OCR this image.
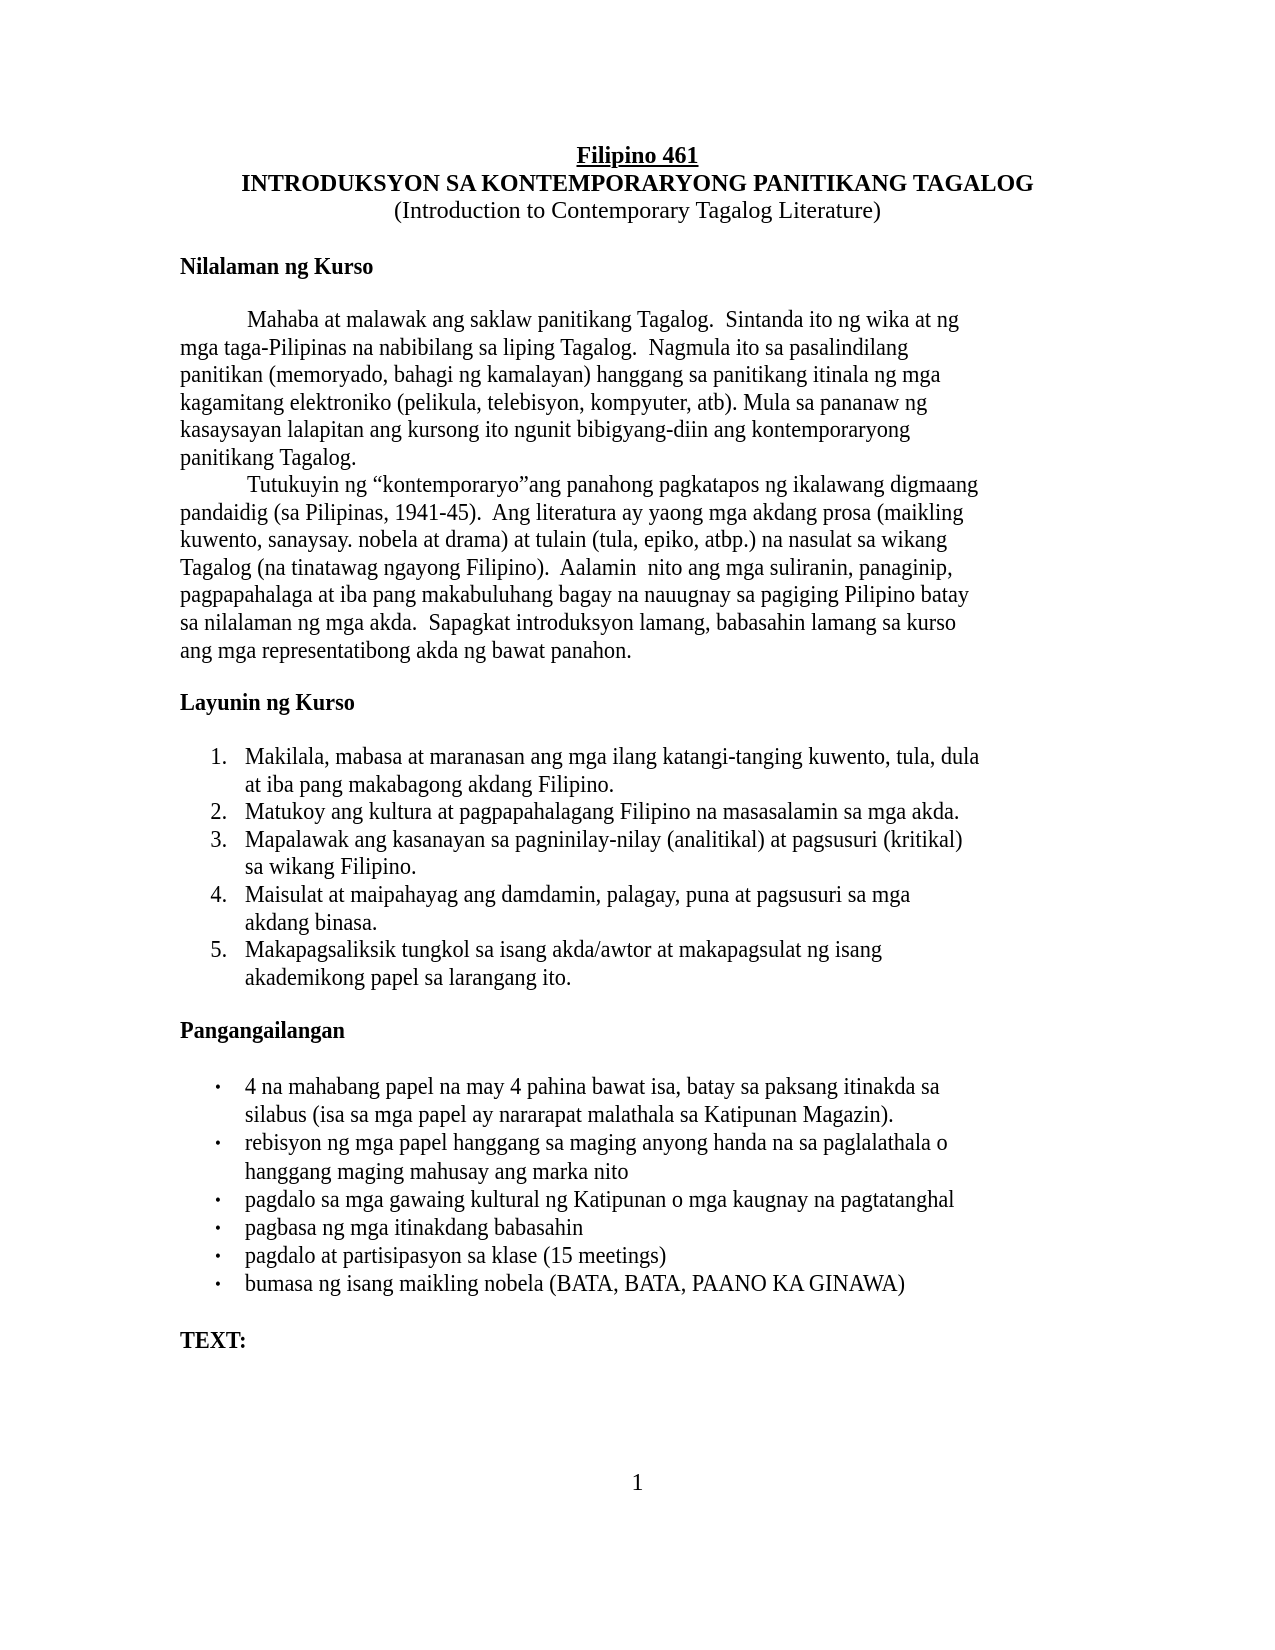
Filipino 461
INTRODUKSYON SA KONTEMPORARYONG PANITIKANG TAGALOG
(Introduction to Contemporary Tagalog Literature)
Nilalaman ng Kurso
Mahaba at malawak ang saklaw panitikang Tagalog.  Sintanda ito ng wika at ng
mga taga-Pilipinas na nabibilang sa liping Tagalog.  Nagmula ito sa pasalindilang
panitikan (memoryado, bahagi ng kamalayan) hanggang sa panitikang itinala ng mga
kagamitang elektroniko (pelikula, telebisyon, kompyuter, atb). Mula sa pananaw ng
kasaysayan lalapitan ang kursong ito ngunit bibigyang-diin ang kontemporaryong
panitikang Tagalog.
Tutukuyin ng “kontemporaryo”ang panahong pagkatapos ng ikalawang digmaang
pandaidig (sa Pilipinas, 1941-45).  Ang literatura ay yaong mga akdang prosa (maikling
kuwento, sanaysay. nobela at drama) at tulain (tula, epiko, atbp.) na nasulat sa wikang
Tagalog (na tinatawag ngayong Filipino).  Aalamin  nito ang mga suliranin, panaginip,
pagpapahalaga at iba pang makabuluhang bagay na nauugnay sa pagiging Pilipino batay
sa nilalaman ng mga akda.  Sapagkat introduksyon lamang, babasahin lamang sa kurso
ang mga representatibong akda ng bawat panahon.
Layunin ng Kurso
1. Makilala, mabasa at maranasan ang mga ilang katangi-tanging kuwento, tula, dula
at iba pang makabagong akdang Filipino.
2. Matukoy ang kultura at pagpapahalagang Filipino na masasalamin sa mga akda.
3. Mapalawak ang kasanayan sa pagninilay-nilay (analitikal) at pagsusuri (kritikal)
sa wikang Filipino.
4. Maisulat at maipahayag ang damdamin, palagay, puna at pagsusuri sa mga
akdang binasa.
5. Makapagsaliksik tungkol sa isang akda/awtor at makapagsulat ng isang
akademikong papel sa larangang ito.
Pangangailangan
• 4 na mahabang papel na may 4 pahina bawat isa, batay sa paksang itinakda sa
silabus (isa sa mga papel ay nararapat malathala sa Katipunan Magazin).
• rebisyon ng mga papel hanggang sa maging anyong handa na sa paglalathala o
hanggang maging mahusay ang marka nito
• pagdalo sa mga gawaing kultural ng Katipunan o mga kaugnay na pagtatanghal
• pagbasa ng mga itinakdang babasahin
• pagdalo at partisipasyon sa klase (15 meetings)
• bumasa ng isang maikling nobela (BATA, BATA, PAANO KA GINAWA)
TEXT:
1
